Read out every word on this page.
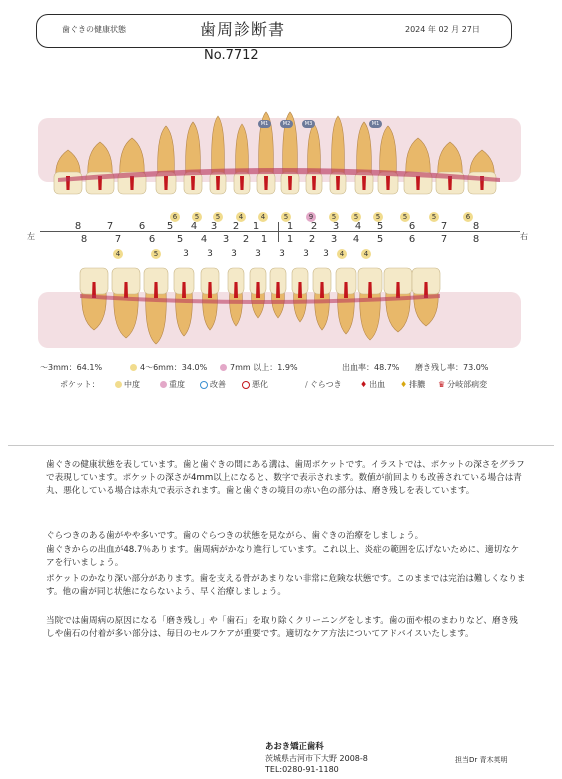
歯ぐきの健康状態	歯周診断書	2024 年 02 月 27日
No.7712
M1	M2	M3	M1
6	5	5	4	4	5	9	5	5	5	5	5	6
4	5	4	4
3	3	3	3	3	3	3
左	右
8	7	6	5	4	3	2	1	1	2	3	4	5	6	7	8
8	7	6	5	4	3	2	1	1	2	3	4	5	6	7	8
～3mm：64.1%	4～6mm：34.0%	7mm 以上：1.9%	出血率：48.7% 磨き残し率：73.0%
ポケット：	中度	重度	改善	悪化	∕ ぐらつき ♦ 出血 ♦ 排膿 ♛ 分岐部病変
歯ぐきの健康状態を表しています。歯と歯ぐきの間にある溝は、歯周ポケットです。イラストでは、ポケットの深さをグラフで表現しています。ポケットの深さが4mm以上になると、数字で表示されます。数値が前回よりも改善されている場合は青丸、悪化している場合は赤丸で表示されます。歯と歯ぐきの境目の赤い色の部分は、磨き残しを表しています。
ぐらつきのある歯がやや多いです。歯のぐらつきの状態を見ながら、歯ぐきの治療をしましょう。
歯ぐきからの出血が48.7％あります。歯周病がかなり進行しています。これ以上、炎症の範囲を広げないために、適切なケアを行いましょう。
ポケットのかなり深い部分があります。歯を支える骨があまりない非常に危険な状態です。このままでは完治は難しくなります。他の歯が同じ状態にならないよう、早く治療しましょう。
当院では歯周病の原因になる「磨き残し」や「歯石」を取り除くクリーニングをします。歯の面や根のまわりなど、磨き残しや歯石の付着が多い部分は、毎日のセルフケアが重要です。適切なケア方法についてアドバイスいたします。
あおき矯正歯科
茨城県古河市下大野 2008-8
TEL:0280-91-1180
担当Dr 青木英明
